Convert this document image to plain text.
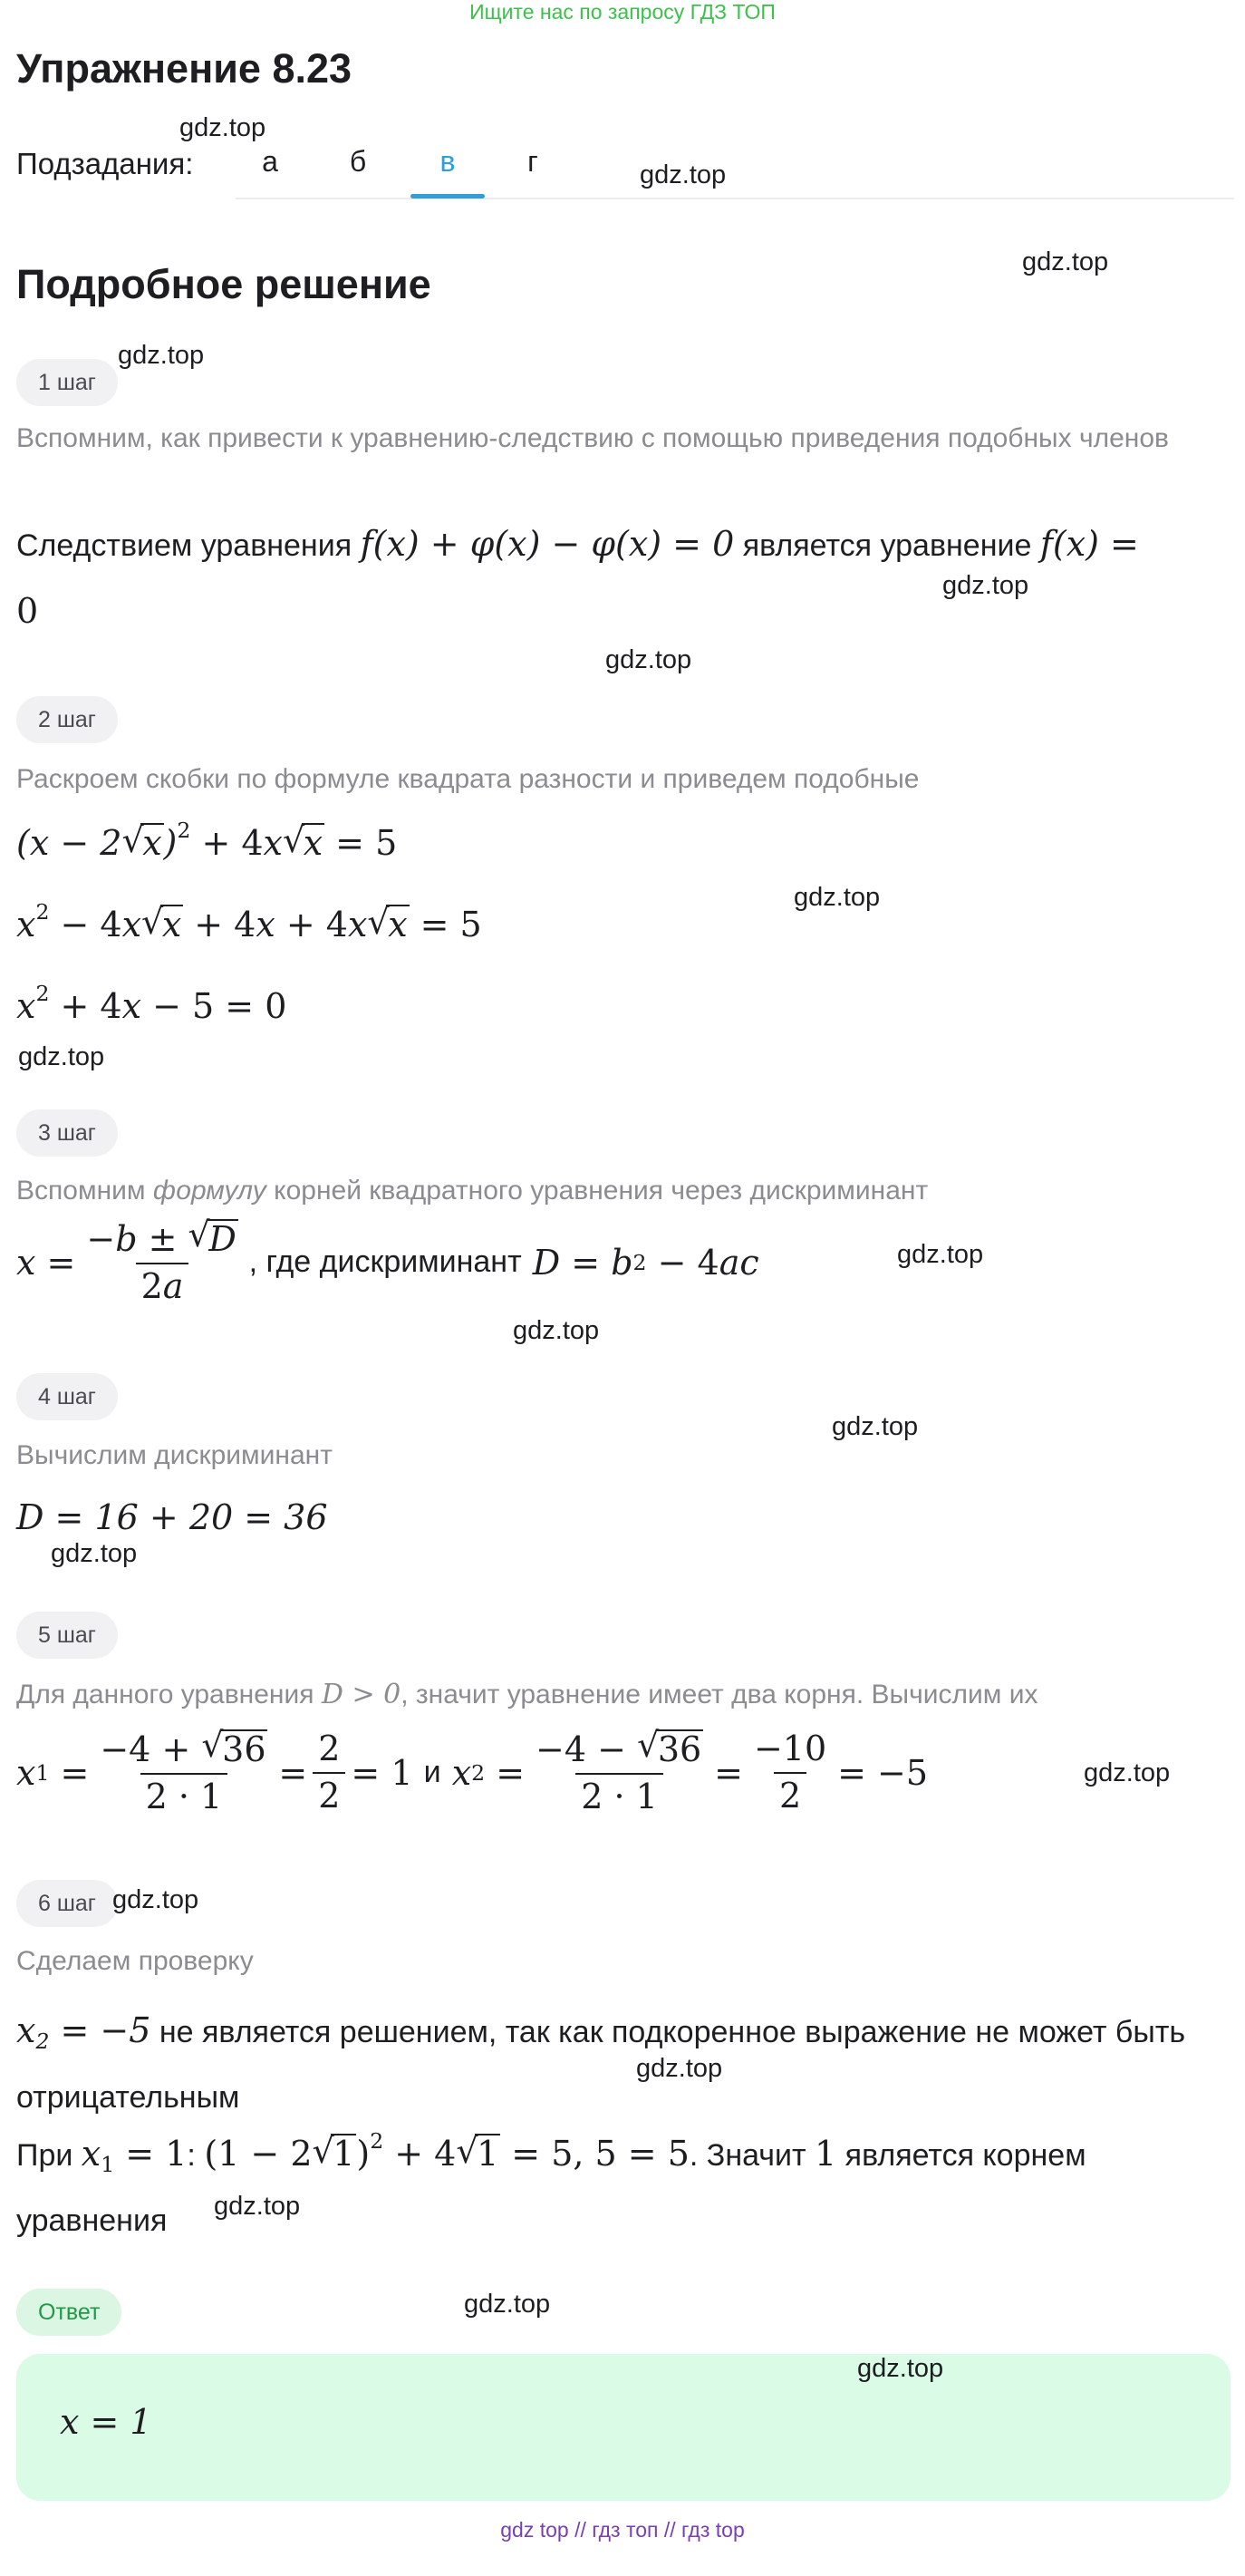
Ищите нас по запросу ГДЗ ТОП
Упражнение 8.23
Подзадания:	а	б	в	г
Подробное решение
1 шаг
Вспомним, как привести к уравнению-следствию с помощью приведения подобных членов
Следствием уравнения f(x) + φ(x) − φ(x) = 0 является уравнение f(x) =
0
2 шаг
Раскроем скобки по формуле квадрата разности и приведем подобные
(x − 2 √
x)$^2$ + 4x √
x = 5
$x^2 - 4x$ √
x + 4x + 4x √
x = 5
$x^2 + 4x - 5 = 0$
3 шаг
Вспомним формулу корней квадратного уравнения через дискриминант
x = −b ± √
D
2a , где дискриминант
D = b 2 − 4 ac
4 шаг
Вычислим дискриминант
D = 16 + 20 = 36
5 шаг
Для данного уравнения D > 0, значит уравнение имеет два корня. Вычислим их
x 1 = −4 + √
36
$2 \cdot 1 = \frac{2}{2} = 1$ и
x 2 = −4 − √
36
$2 \cdot 1 = \frac{-10}{2} = -5$
6 шаг
Сделаем проверку
$x_2 = -5$ не является решением, так как подкоренное выражение не может быть отрицательным
При $x_1 = 1$: (1 − 2 √
1)$^2$ + 4 √
1 = 5, 5 = 5. Значит 1 является корнем уравнения
Ответ
x = 1
gdz.top
gdz.top
gdz.top
gdz.top
gdz.top
gdz.top
gdz.top
gdz.top
gdz.top
gdz.top
gdz.top
gdz.top
gdz.top
gdz.top
gdz.top
gdz.top
gdz.top
gdz.top
gdz top // гдз топ // гдз top
